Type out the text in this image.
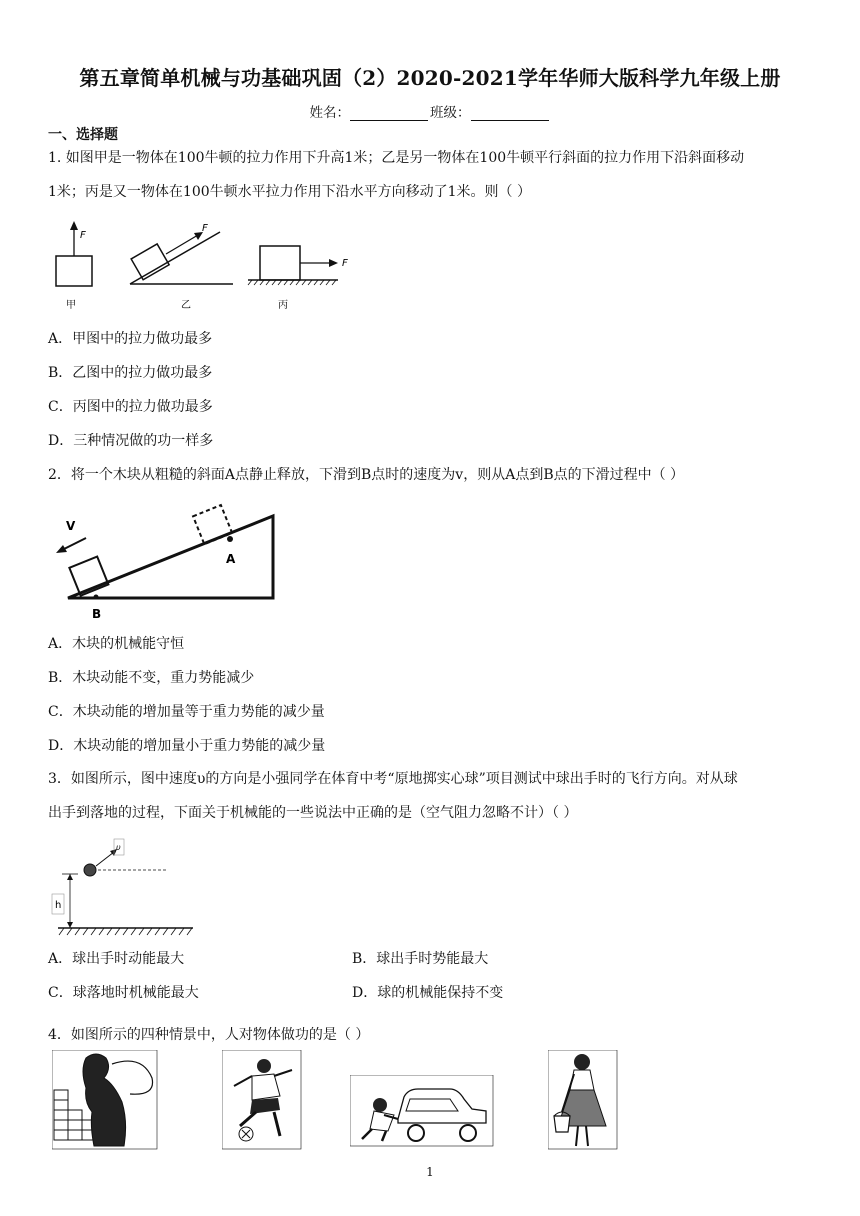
第五章简单机械与功基础巩固（2）2020-2021学年华师大版科学九年级上册
姓名：	班级：
一、选择题
1. 如图甲是一物体在100牛顿的拉力作用下升高1米；乙是另一物体在100牛顿平行斜面的拉力作用下沿斜面移动
1米；丙是又一物体在100牛顿水平拉力作用下沿水平方向移动了1米。则（ ）
F
甲
F
乙
F
丙
A．甲图中的拉力做功最多
B．乙图中的拉力做功最多
C．丙图中的拉力做功最多
D．三种情况做的功一样多
2．将一个木块从粗糙的斜面A点静止释放，下滑到B点时的速度为v，则从A点到B点的下滑过程中（ ）
A
B
V
A．木块的机械能守恒
B．木块动能不变，重力势能减少
C．木块动能的增加量等于重力势能的减少量
D．木块动能的增加量小于重力势能的减少量
3．如图所示，图中速度υ的方向是小强同学在体育中考“原地掷实心球”项目测试中球出手时的飞行方向。对从球
出手到落地的过程，下面关于机械能的一些说法中正确的是（空气阻力忽略不计）（ ）
υ
h
A．球出手时动能最大	B．球出手时势能最大
C．球落地时机械能最大	D．球的机械能保持不变
4．如图所示的四种情景中，人对物体做功的是（ ）
1
